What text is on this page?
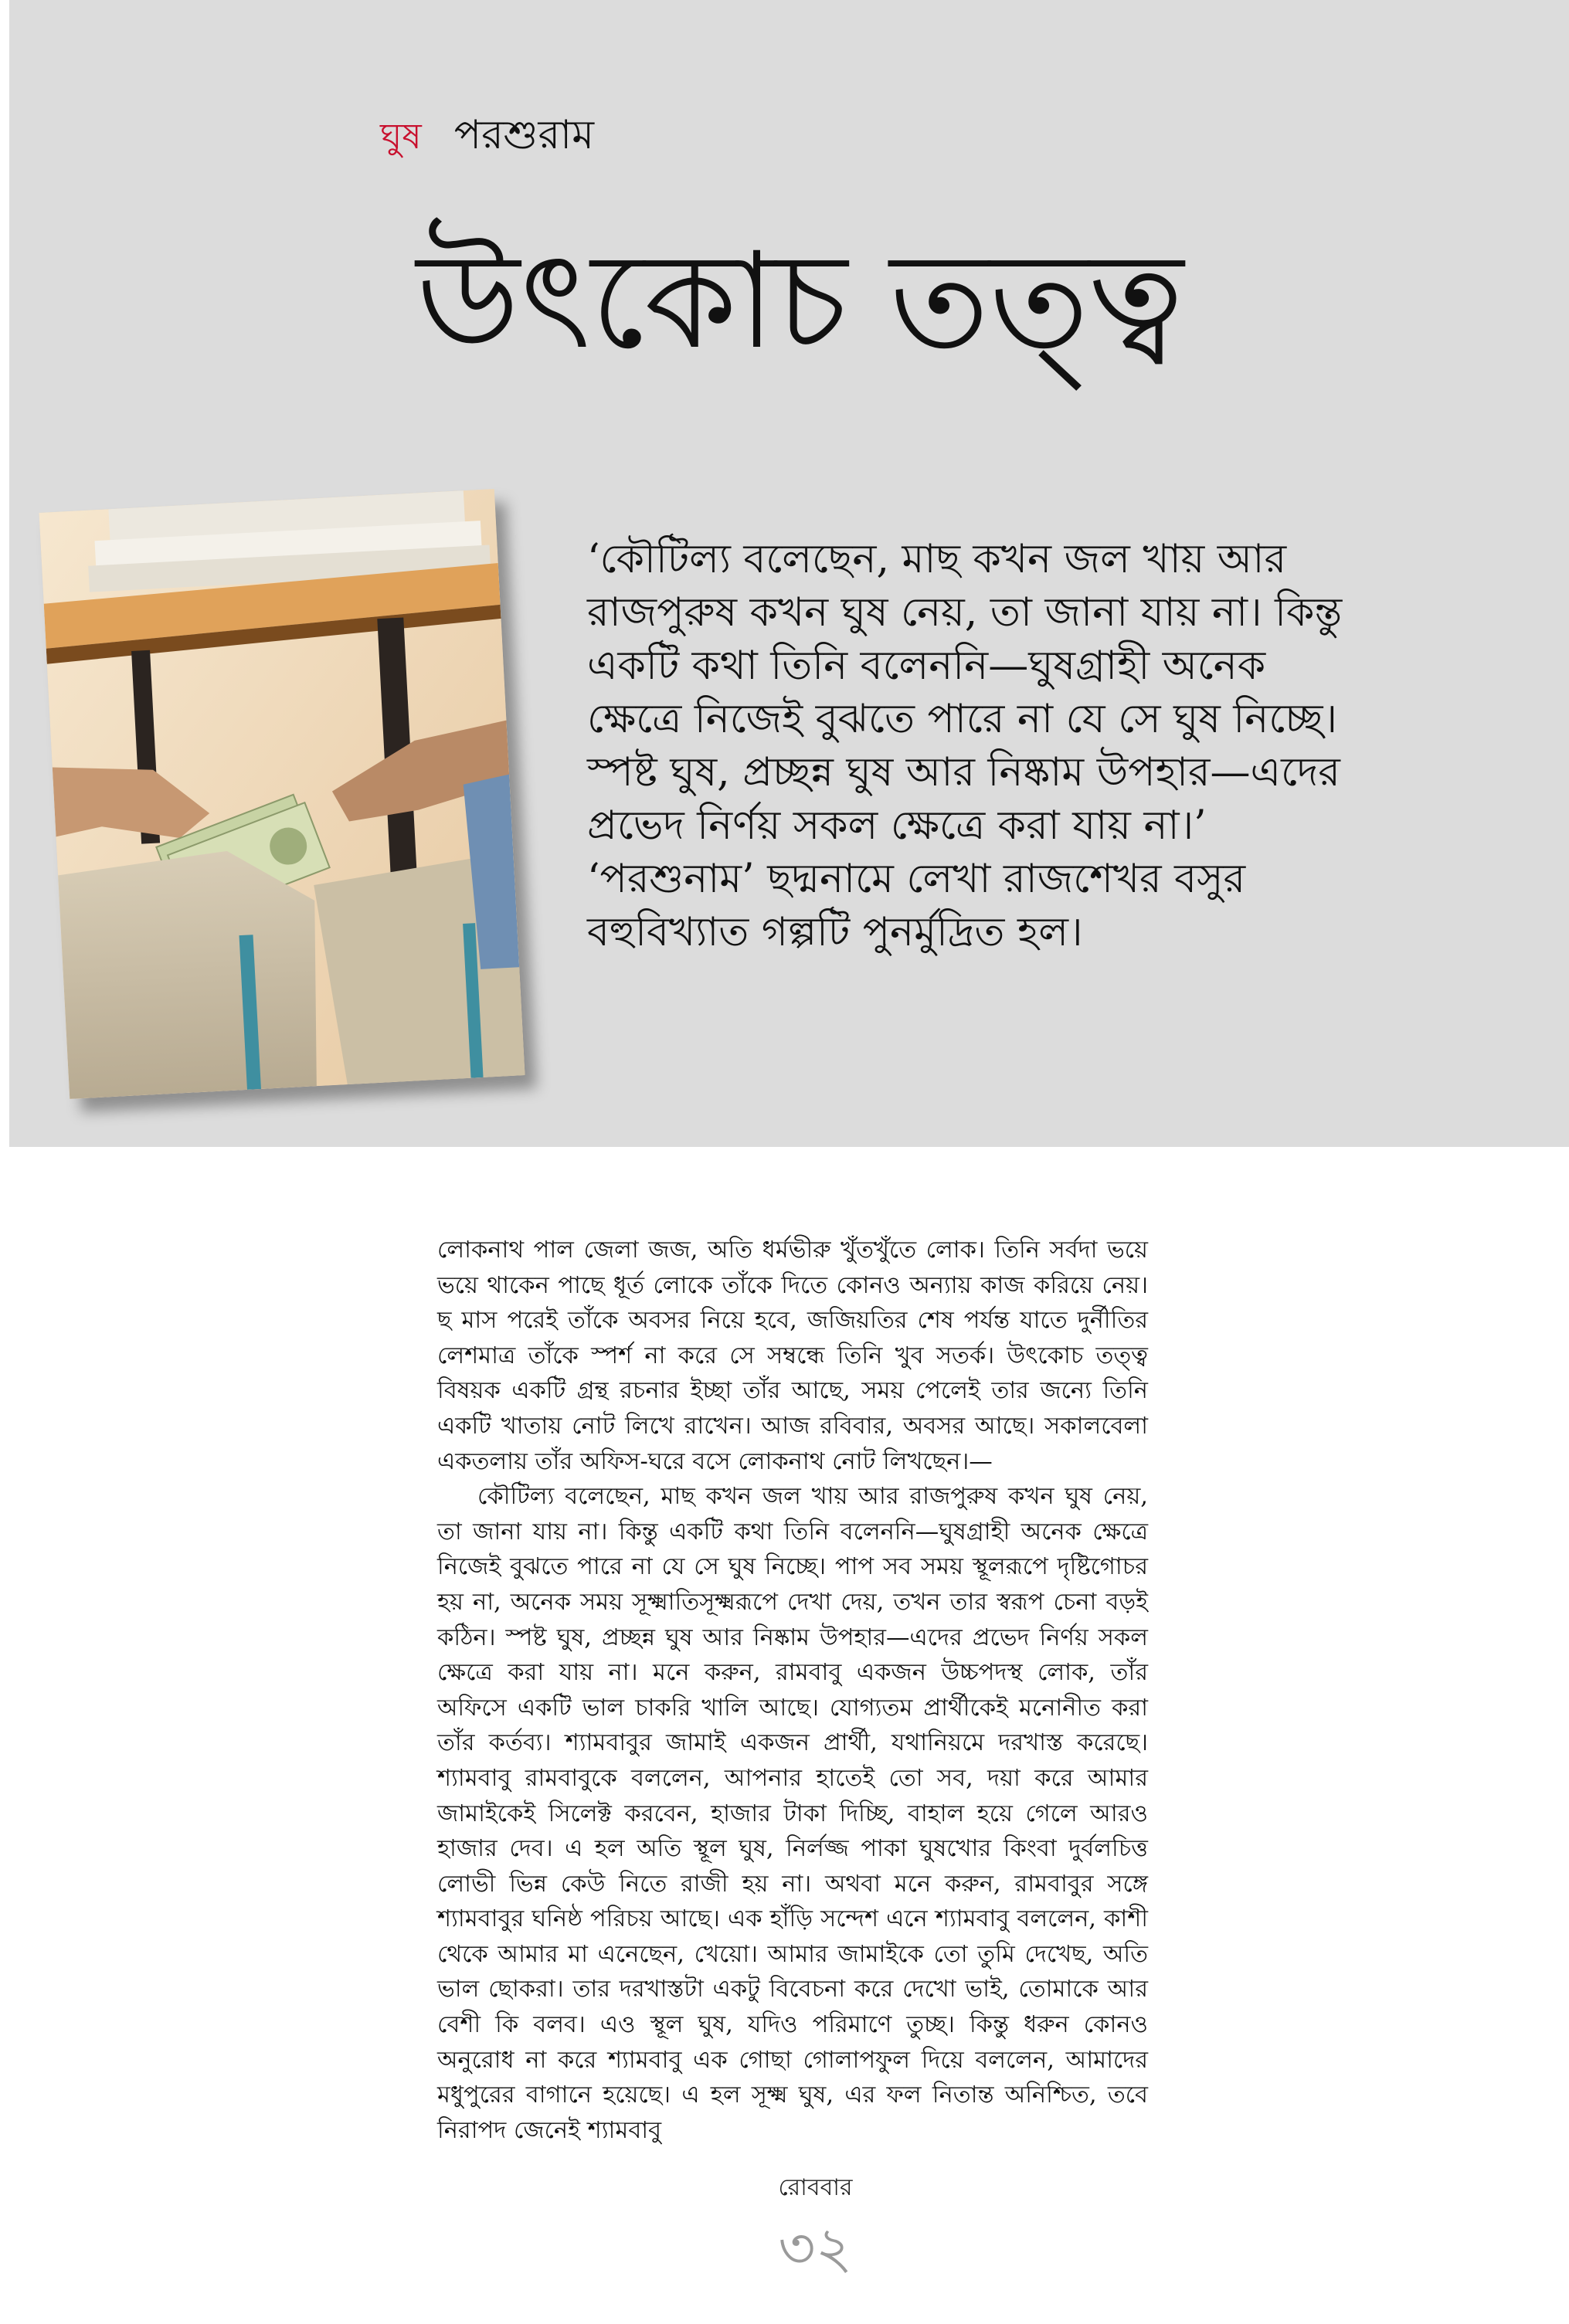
ঘুষ পরশুরাম
উৎকোচ তত্ত্ব

‘কৌটিল্য বলেছেন, মাছ কখন জল খায় আর রাজপুরুষ কখন ঘুষ নেয়, তা জানা যায় না। কিন্তু একটি কথা তিনি বলেননি—ঘুষগ্রাহী অনেক ক্ষেত্রে নিজেই বুঝতে পারে না যে সে ঘুষ নিচ্ছে। স্পষ্ট ঘুষ, প্রচ্ছন্ন ঘুষ আর নিষ্কাম উপহার—এদের প্রভেদ নির্ণয় সকল ক্ষেত্রে করা যায় না।’ ‘পরশুনাম’ ছদ্মনামে লেখা রাজশেখর বসুর বহুবিখ্যাত গল্পটি পুনর্মুদ্রিত হল।

লোকনাথ পাল জেলা জজ, অতি ধর্মভীরু খুঁতখুঁতে লোক। তিনি সর্বদা ভয়ে ভয়ে থাকেন পাছে ধূর্ত লোকে তাঁকে দিতে কোনও অন্যায় কাজ করিয়ে নেয়। ছ মাস পরেই তাঁকে অবসর নিয়ে হবে, জজিয়তির শেষ পর্যন্ত যাতে দুর্নীতির লেশমাত্র তাঁকে স্পর্শ না করে সে সম্বন্ধে তিনি খুব সতর্ক। উৎকোচ তত্ত্ব বিষয়ক একটি গ্রন্থ রচনার ইচ্ছা তাঁর আছে, সময় পেলেই তার জন্যে তিনি একটি খাতায় নোট লিখে রাখেন। আজ রবিবার, অবসর আছে। সকালবেলা একতলায় তাঁর অফিস-ঘরে বসে লোকনাথ নোট লিখছেন।—

কৌটিল্য বলেছেন, মাছ কখন জল খায় আর রাজপুরুষ কখন ঘুষ নেয়, তা জানা যায় না। কিন্তু একটি কথা তিনি বলেননি—ঘুষগ্রাহী অনেক ক্ষেত্রে নিজেই বুঝতে পারে না যে সে ঘুষ নিচ্ছে। পাপ সব সময় স্থূলরূপে দৃষ্টিগোচর হয় না, অনেক সময় সূক্ষ্মাতিসূক্ষ্মরূপে দেখা দেয়, তখন তার স্বরূপ চেনা বড়ই কঠিন। স্পষ্ট ঘুষ, প্রচ্ছন্ন ঘুষ আর নিষ্কাম উপহার—এদের প্রভেদ নির্ণয় সকল ক্ষেত্রে করা যায় না। মনে করুন, রামবাবু একজন উচ্চপদস্থ লোক, তাঁর অফিসে একটি ভাল চাকরি খালি আছে। যোগ্যতম প্রার্থীকেই মনোনীত করা তাঁর কর্তব্য। শ্যামবাবুর জামাই একজন প্রার্থী, যথানিয়মে দরখাস্ত করেছে। শ্যামবাবু রামবাবুকে বললেন, আপনার হাতেই তো সব, দয়া করে আমার জামাইকেই সিলেক্ট করবেন, হাজার টাকা দিচ্ছি, বাহাল হয়ে গেলে আরও হাজার দেব। এ হল অতি স্থূল ঘুষ, নির্লজ্জ পাকা ঘুষখোর কিংবা দুর্বলচিত্ত লোভী ভিন্ন কেউ নিতে রাজী হয় না। অথবা মনে করুন, রামবাবুর সঙ্গে শ্যামবাবুর ঘনিষ্ঠ পরিচয় আছে। এক হাঁড়ি সন্দেশ এনে শ্যামবাবু বললেন, কাশী থেকে আমার মা এনেছেন, খেয়ো। আমার জামাইকে তো তুমি দেখেছ, অতি ভাল ছোকরা। তার দরখাস্তটা একটু বিবেচনা করে দেখো ভাই, তোমাকে আর বেশী কি বলব। এও স্থূল ঘুষ, যদিও পরিমাণে তুচ্ছ। কিন্তু ধরুন কোনও অনুরোধ না করে শ্যামবাবু এক গোছা গোলাপফুল দিয়ে বললেন, আমাদের মধুপুরের বাগানে হয়েছে। এ হল সূক্ষ্ম ঘুষ, এর ফল নিতান্ত অনিশ্চিত, তবে নিরাপদ জেনেই শ্যামবাবু

রোববার
৩২
